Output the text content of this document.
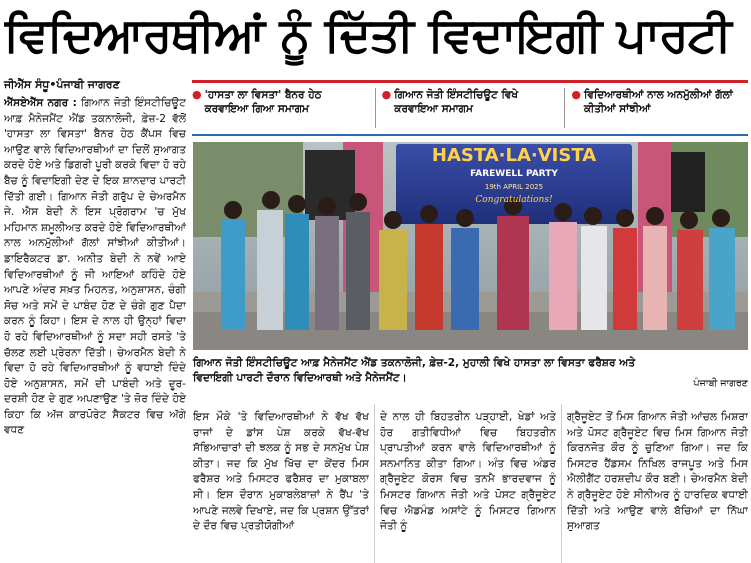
ਵਿਦਿਆਰਥੀਆਂ ਨੂੰ ਦਿੱਤੀ ਵਿਦਾਇਗੀ ਪਾਰਟੀ
ਜੀਐੱਸ ਸੰਧੂ•ਪੰਜਾਬੀ ਜਾਗਰਣ
● 'ਹਾਸਤਾ ਲਾ ਵਿਸਤਾ' ਬੈਨਰ ਹੇਠ ਕਰਵਾਇਆ ਗਿਆ ਸਮਾਗਮ
● ਗਿਆਨ ਜੋਤੀ ਇੰਸਟੀਚਿਊਟ ਵਿਖੇ ਕਰਵਾਇਆ ਸਮਾਗਮ
● ਵਿਦਿਆਰਥੀਆਂ ਨਾਲ ਅਨਮੁੱਲੀਆਂ ਗੱਲਾਂ ਕੀਤੀਆਂ ਸਾਂਝੀਆਂ
ਐੱਸਏਐੱਸ ਨਗਰ : ਗਿਆਨ ਜੋਤੀ ਇੰਸਟੀਚਿਊਟ ਆਫ਼ ਮੈਨੇਜਮੈਂਟ ਐਂਡ ਤਕਨਾਲੋਜੀ, ਫ਼ੇਜ਼-2 ਵੱਲੋਂ 'ਹਾਸਤਾ ਲਾ ਵਿਸਤਾ' ਬੈਨਰ ਹੇਠ ਕੈਂਪਸ ਵਿਚ ਆਉਣ ਵਾਲੇ ਵਿਦਿਆਰਥੀਆਂ ਦਾ ਦਿਲੋਂ ਸੁਆਗਤ ਕਰਦੇ ਹੋਏ ਅਤੇ ਡਿਗਰੀ ਪੂਰੀ ਕਰਕੇ ਵਿਦਾ ਹੋ ਰਹੇ ਬੈਚ ਨੂੰ ਵਿਦਾਇਗੀ ਦੇਣ ਦੇ ਇਕ ਸ਼ਾਨਦਾਰ ਪਾਰਟੀ ਦਿੱਤੀ ਗਈ। ਗਿਆਨ ਜੋਤੀ ਗਰੁੱਪ ਦੇ ਚੇਅਰਮੈਨ ਜੇ. ਐਸ ਬੇਦੀ ਨੇ ਇਸ ਪ੍ਰੋਗਰਾਮ 'ਚ ਮੁੱਖ ਮਹਿਮਾਨ ਸ਼ਮੂਲੀਅਤ ਕਰਦੇ ਹੋਏ ਵਿਦਿਆਰਥੀਆਂ ਨਾਲ ਅਨਮੁੱਲੀਆਂ ਗੱਲਾਂ ਸਾਂਝੀਆਂ ਕੀਤੀਆਂ। ਡਾਇਰੈਕਟਰ ਡਾ. ਅਨੀਤ ਬੇਦੀ ਨੇ ਨਵੇਂ ਆਏ ਵਿਦਿਆਰਥੀਆਂ ਨੂੰ ਜੀ ਆਇਆਂ ਕਹਿੰਦੇ ਹੋਏ ਆਪਣੇ ਅੰਦਰ ਸਖ਼ਤ ਮਿਹਨਤ, ਅਨੁਸ਼ਾਸਨ, ਚੰਗੀ ਸੋਚ ਅਤੇ ਸਮੇਂ ਦੇ ਪਾਬੰਦ ਹੋਣ ਦੇ ਚੰਗੇ ਗੁਣ ਪੈਦਾ ਕਰਨ ਨੂੰ ਕਿਹਾ। ਇਸ ਦੇ ਨਾਲ ਹੀ ਉਨ੍ਹਾਂ ਵਿਦਾ ਹੋ ਰਹੇ ਵਿਦਿਆਰਥੀਆਂ ਨੂੰ ਸਦਾ ਸਹੀ ਰਸਤੇ 'ਤੇ ਚੱਲਣ ਲਈ ਪ੍ਰੇਰਨਾ ਦਿੱਤੀ। ਚੇਅਰਮੈਨ ਬੇਦੀ ਨੇ ਵਿਦਾ ਹੋ ਰਹੇ ਵਿਦਿਆਰਥੀਆਂ ਨੂੰ ਵਧਾਈ ਦਿੰਦੇ ਹੋਏ ਅਨੁਸ਼ਾਸਨ, ਸਮੇਂ ਦੀ ਪਾਬੰਦੀ ਅਤੇ ਦੂਰ-ਦਰਸ਼ੀ ਹੋਣ ਦੇ ਗੁਣ ਅਪਣਾਉਣ 'ਤੇ ਜ਼ੋਰ ਦਿੰਦੇ ਹੋਏ ਕਿਹਾ ਕਿ ਅੱਜ ਕਾਰਪੋਰੇਟ ਸੈਕਟਰ ਵਿਚ ਅੱਗੇ ਵਧਣ
HASTA·LA·VISTA
FAREWELL PARTY
19th APRIL 2025
Congratulations!
ਗਿਆਨ ਜੋਤੀ ਇੰਸਟੀਚਿਊਟ ਆਫ਼ ਮੈਨੇਜਮੈਂਟ ਐਂਡ ਤਕਨਾਲੋਜੀ, ਫ਼ੇਜ਼-2, ਮੁਹਾਲੀ ਵਿਖੇ ਹਾਸਤਾ ਲਾ ਵਿਸਤਾ ਫਰੈਸ਼ਰ ਅਤੇ ਵਿਦਾਇਗੀ ਪਾਰਟੀ ਦੌਰਾਨ ਵਿਦਿਆਰਥੀ ਅਤੇ ਮੈਨੇਜਮੈਂਟ।	ਪੰਜਾਬੀ ਜਾਗਰਣ
ਇਸ ਮੌਕੇ 'ਤੇ ਵਿਦਿਆਰਥੀਆਂ ਨੇ ਵੱਖ ਵੱਖ ਰਾਜਾਂ ਦੇ ਡਾਂਸ ਪੇਸ਼ ਕਰਕੇ ਵੱਖ-ਵੱਖ ਸੱਭਿਆਚਾਰਾਂ ਦੀ ਝਲਕ ਨੂੰ ਸਭ ਦੇ ਸਨਮੁੱਖ ਪੇਸ਼ ਕੀਤਾ। ਜਦ ਕਿ ਮੁੱਖ ਖਿੱਚ ਦਾ ਕੇਂਦਰ ਮਿਸ ਫਰੈਸ਼ਰ ਅਤੇ ਮਿਸਟਰ ਫਰੈਸ਼ਰ ਦਾ ਮੁਕਾਬਲਾ ਸੀ। ਇਸ ਦੌਰਾਨ ਮੁਕਾਬਲੇਬਾਜ਼ਾਂ ਨੇ ਰੈਂਪ 'ਤੇ ਆਪਣੇ ਜਲਵੇ ਦਿਖਾਏ, ਜਦ ਕਿ ਪ੍ਰਸ਼ਨ ਉੱਤਰਾਂ ਦੇ ਦੌਰ ਵਿਚ ਪ੍ਰਤੀਯੋਗੀਆਂ
ਦੇ ਨਾਲ ਹੀ ਬਿਹਤਰੀਨ ਪੜ੍ਹਾਈ, ਖੇਡਾਂ ਅਤੇ ਹੋਰ ਗਤੀਵਿਧੀਆਂ ਵਿਚ ਬਿਹਤਰੀਨ ਪ੍ਰਾਪਤੀਆਂ ਕਰਨ ਵਾਲੇ ਵਿਦਿਆਰਥੀਆਂ ਨੂੰ ਸਨਮਾਨਿਤ ਕੀਤਾ ਗਿਆ। ਅੰਤ ਵਿਚ ਅੰਡਰ ਗ੍ਰੈਜੂਏਟ ਕੋਰਸ ਵਿਚ ਤਨਮੈ ਭਾਰਦਵਾਜ ਨੂੰ ਮਿਸਟਰ ਗਿਆਨ ਜੋਤੀ ਅਤੇ ਪੋਸਟ ਗ੍ਰੈਜੂਏਟ ਵਿਚ ਐਡਮੰਡ ਅਸਾਂਟੇ ਨੂੰ ਮਿਸਟਰ ਗਿਆਨ ਜੋਤੀ ਨੂੰ
ਗ੍ਰੈਜੂਏਟ ਤੋਂ ਮਿਸ ਗਿਆਨ ਜੋਤੀ ਆਂਚਲ ਮਿਸ਼ਰਾ ਅਤੇ ਪੋਸਟ ਗ੍ਰੈਜੂਏਟ ਵਿਚ ਮਿਸ ਗਿਆਨ ਜੋਤੀ ਕਿਰਨਜੋਤ ਕੌਰ ਨੂੰ ਚੁਣਿਆ ਗਿਆ। ਜਦ ਕਿ ਮਿਸਟਰ ਹੈਂਡਸਮ ਨਿਖਿਲ ਰਾਜਪੂਤ ਅਤੇ ਮਿਸ ਐਲੀਗੈਂਟ ਹਰਸ਼ਦੀਪ ਕੌਰ ਬਣੀ। ਚੇਅਰਮੈਨ ਬੇਦੀ ਨੇ ਗ੍ਰੈਜੂਏਟ ਹੋਏ ਸੀਨੀਅਰ ਨੂੰ ਹਾਰਦਿਕ ਵਧਾਈ ਦਿੱਤੀ ਅਤੇ ਆਉਣ ਵਾਲੇ ਬੱਚਿਆਂ ਦਾ ਨਿੱਘਾ ਸੁਆਗਤ
